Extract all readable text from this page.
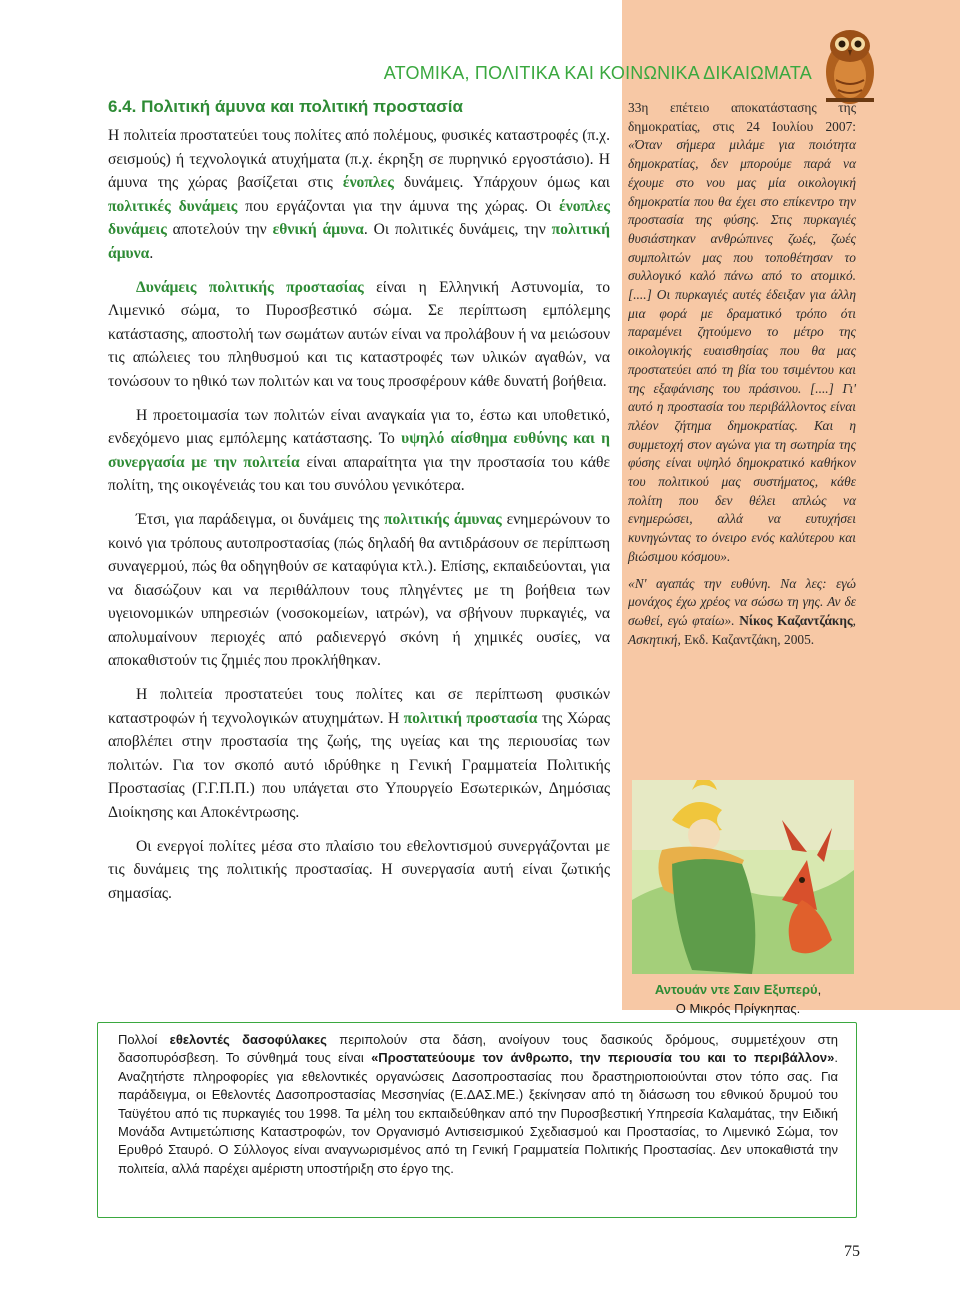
ΑΤΟΜΙΚΑ, ΠΟΛΙΤΙΚΑ ΚΑΙ ΚΟΙΝΩΝΙΚΑ ΔΙΚΑΙΩΜΑΤΑ
6.4. Πολιτική άμυνα και πολιτική προστασία

Η πολιτεία προστατεύει τους πολίτες από πολέμους, φυσικές καταστροφές (π.χ. σεισμούς) ή τεχνολογικά ατυχήματα (π.χ. έκρηξη σε πυρηνικό εργοστάσιο). Η άμυνα της χώρας βασίζεται στις ένοπλες δυνάμεις. Υπάρχουν όμως και πολιτικές δυνάμεις που εργάζονται για την άμυνα της χώρας. Οι ένοπλες δυνάμεις αποτελούν την εθνική άμυνα. Οι πολιτικές δυνάμεις, την πολιτική άμυνα.

Δυνάμεις πολιτικής προστασίας είναι η Ελληνική Αστυνομία, το Λιμενικό σώμα, το Πυροσβεστικό σώμα. Σε περίπτωση εμπόλεμης κατάστασης, αποστολή των σωμάτων αυτών είναι να προλάβουν ή να μειώσουν τις απώλειες του πληθυσμού και τις καταστροφές των υλικών αγαθών, να τονώσουν το ηθικό των πολιτών και να τους προσφέρουν κάθε δυνατή βοήθεια.

Η προετοιμασία των πολιτών είναι αναγκαία για το, έστω και υποθετικό, ενδεχόμενο μιας εμπόλεμης κατάστασης. Το υψηλό αίσθημα ευθύνης και η συνεργασία με την πολιτεία είναι απαραίτητα για την προστασία του κάθε πολίτη, της οικογένειάς του και του συνόλου γενικότερα.

Έτσι, για παράδειγμα, οι δυνάμεις της πολιτικής άμυνας ενημερώνουν το κοινό για τρόπους αυτοπροστασίας (πώς δηλαδή θα αντιδράσουν σε περίπτωση συναγερμού, πώς θα οδηγηθούν σε καταφύγια κτλ.). Επίσης, εκπαιδεύονται, για να διασώζουν και να περιθάλπουν τους πληγέντες με τη βοήθεια των υγειονομικών υπηρεσιών (νοσοκομείων, ιατρών), να σβήνουν πυρκαγιές, να απολυμαίνουν περιοχές από ραδιενεργό σκόνη ή χημικές ουσίες, να αποκαθιστούν τις ζημιές που προκλήθηκαν.

Η πολιτεία προστατεύει τους πολίτες και σε περίπτωση φυσικών καταστροφών ή τεχνολογικών ατυχημάτων. Η πολιτική προστασία της Χώρας αποβλέπει στην προστασία της ζωής, της υγείας και της περιουσίας των πολιτών. Για τον σκοπό αυτό ιδρύθηκε η Γενική Γραμματεία Πολιτικής Προστασίας (Γ.Γ.Π.Π.) που υπάγεται στο Υπουργείο Εσωτερικών, Δημόσιας Διοίκησης και Αποκέντρωσης.

Οι ενεργοί πολίτες μέσα στο πλαίσιο του εθελοντισμού συνεργάζονται με τις δυνάμεις της πολιτικής προστασίας. Η συνεργασία αυτή είναι ζωτικής σημασίας.

33η επέτειο αποκατάστασης της δημοκρατίας, στις 24 Ιουλίου 2007: «Όταν σήμερα μιλάμε για ποιότητα δημοκρατίας, δεν μπορούμε παρά να έχουμε στο νου μας μία οικολογική δημοκρατία που θα έχει στο επίκεντρο την προστασία της φύσης. Στις πυρκαγιές θυσιάστηκαν ανθρώπινες ζωές, ζωές συμπολιτών μας που τοποθέτησαν το συλλογικό καλό πάνω από το ατομικό. [....] Οι πυρκαγιές αυτές έδειξαν για άλλη μια φορά με δραματικό τρόπο ότι παραμένει ζητούμενο το μέτρο της οικολογικής ευαισθησίας που θα μας προστατεύει από τη βία του τσιμέντου και της εξαφάνισης του πράσινου. [....] Γι' αυτό η προστασία του περιβάλλοντος είναι πλέον ζήτημα δημοκρατίας. Και η συμμετοχή στον αγώνα για τη σωτηρία της φύσης είναι υψηλό δημοκρατικό καθήκον του πολιτικού μας συστήματος, κάθε πολίτη που δεν θέλει απλώς να ενημερώσει, αλλά να ευτυχήσει κυνηγώντας το όνειρο ενός καλύτερου και βιώσιμου κόσμου».

«Ν' αγαπάς την ευθύνη. Να λες: εγώ μονάχος έχω χρέος να σώσω τη γης. Αν δε σωθεί, εγώ φταίω». Νίκος Καζαντζάκης, Ασκητική, Εκδ. Καζαντζάκη, 2005.

Αντουάν ντε Σαιν Εξυπερύ,
Ο Μικρός Πρίγκηπας.

Πολλοί εθελοντές δασοφύλακες περιπολούν στα δάση, ανοίγουν τους δασικούς δρόμους, συμμετέχουν στη δασοπυρόσβεση. Το σύνθημά τους είναι «Προστατεύουμε τον άνθρωπο, την περιουσία του και το περιβάλλον». Αναζητήστε πληροφορίες για εθελοντικές οργανώσεις Δασοπροστασίας που δραστηριοποιούνται στον τόπο σας. Για παράδειγμα, οι Εθελοντές Δασοπροστασίας Μεσσηνίας (Ε.ΔΑΣ.ΜΕ.) ξεκίνησαν από τη διάσωση του εθνικού δρυμού του Ταϋγέτου από τις πυρκαγιές του 1998. Τα μέλη του εκπαιδεύθηκαν από την Πυροσβεστική Υπηρεσία Καλαμάτας, την Ειδική Μονάδα Αντιμετώπισης Καταστροφών, τον Οργανισμό Αντισεισμικού Σχεδιασμού και Προστασίας, το Λιμενικό Σώμα, τον Ερυθρό Σταυρό. Ο Σύλλογος είναι αναγνωρισμένος από τη Γενική Γραμματεία Πολιτικής Προστασίας. Δεν υποκαθιστά την πολιτεία, αλλά παρέχει αμέριστη υποστήριξη στο έργο της.

75
